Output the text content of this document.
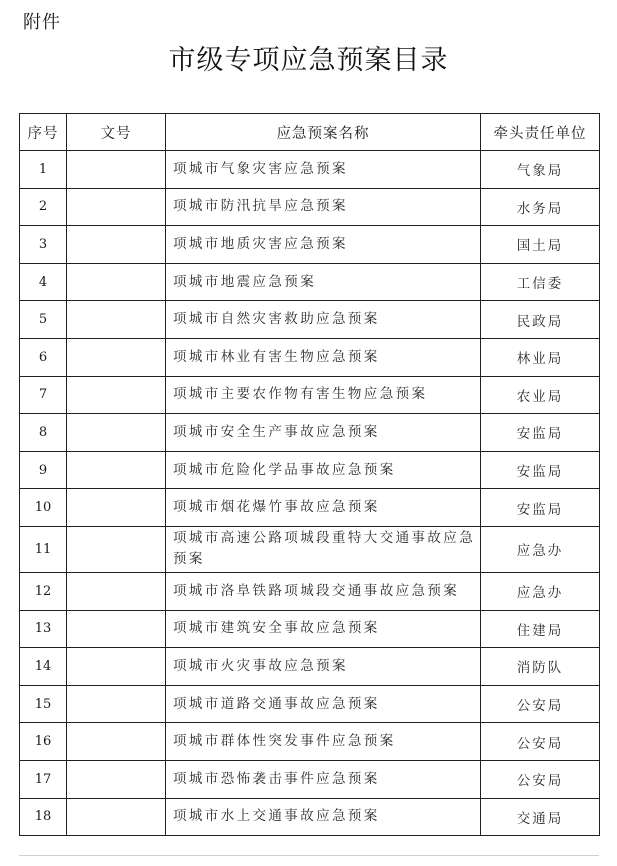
附件
市级专项应急预案目录
序号	文号	应急预案名称	牵头责任单位
1		项城市气象灾害应急预案	气象局
2		项城市防汛抗旱应急预案	水务局
3		项城市地质灾害应急预案	国土局
4		项城市地震应急预案	工信委
5		项城市自然灾害救助应急预案	民政局
6		项城市林业有害生物应急预案	林业局
7		项城市主要农作物有害生物应急预案	农业局
8		项城市安全生产事故应急预案	安监局
9		项城市危险化学品事故应急预案	安监局
10		项城市烟花爆竹事故应急预案	安监局
11		项城市高速公路项城段重特大交通事故应急预案	应急办
12		项城市洛阜铁路项城段交通事故应急预案	应急办
13		项城市建筑安全事故应急预案	住建局
14		项城市火灾事故应急预案	消防队
15		项城市道路交通事故应急预案	公安局
16		项城市群体性突发事件应急预案	公安局
17		项城市恐怖袭击事件应急预案	公安局
18		项城市水上交通事故应急预案	交通局
